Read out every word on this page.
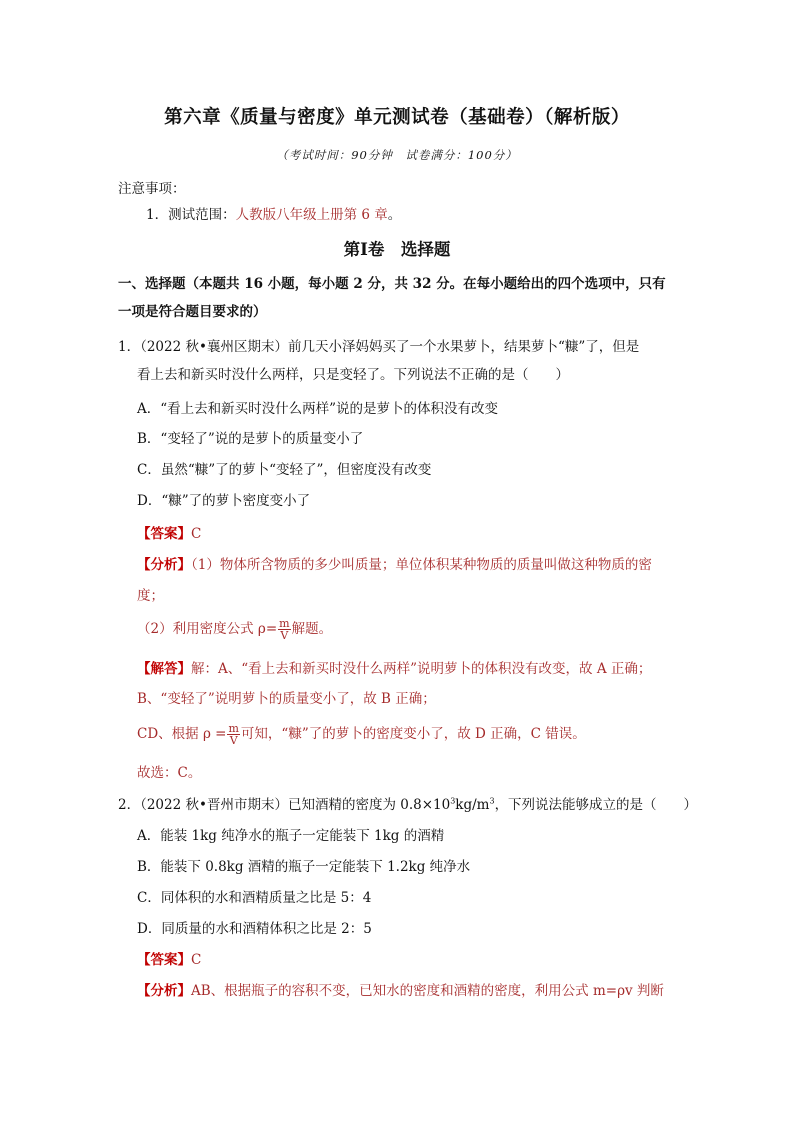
第六章《质量与密度》单元测试卷（基础卷）（解析版）
（考试时间：90分钟　试卷满分：100分）
注意事项：
1．测试范围：人教版八年级上册第 6 章。
第Ⅰ卷　选择题
一、选择题（本题共 16 小题，每小题 2 分，共 32 分。在每小题给出的四个选项中，只有
一项是符合题目要求的）
1．（2022 秋•襄州区期末）前几天小泽妈妈买了一个水果萝卜，结果萝卜“糠”了，但是
看上去和新买时没什么两样，只是变轻了。下列说法不正确的是（　　）
A．“看上去和新买时没什么两样”说的是萝卜的体积没有改变
B．“变轻了”说的是萝卜的质量变小了
C．虽然“糠”了的萝卜“变轻了”，但密度没有改变
D．“糠”了的萝卜密度变小了
【答案】C
【分析】（1）物体所含物质的多少叫质量；单位体积某种物质的质量叫做这种物质的密
度；
（2）利用密度公式 $\rho= \frac{m}{V}$ 解题。
【解答】解：A、“看上去和新买时没什么两样”说明萝卜的体积没有改变，故 A 正确；
B、“变轻了”说明萝卜的质量变小了，故 B 正确；
CD、根据 $\rho = \frac{m}{V}$ 可知，“糠”了的萝卜的密度变小了，故 D 正确，C 错误。
故选：C。
2．（2022 秋•晋州市期末）已知酒精的密度为 $0.8\times 10^3kg/m^3$，下列说法能够成立的是（　　）
A．能装 1kg 纯净水的瓶子一定能装下 1kg 的酒精
B．能装下 0.8kg 酒精的瓶子一定能装下 1.2kg 纯净水
C．同体积的水和酒精质量之比是 5：4
D．同质量的水和酒精体积之比是 2：5
【答案】C
【分析】AB、根据瓶子的容积不变，已知水的密度和酒精的密度，利用公式 m=ρv 判断
